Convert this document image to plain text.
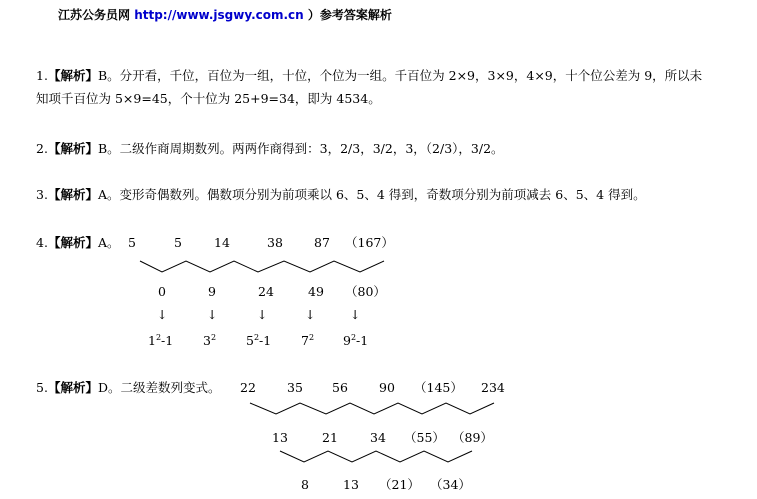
江苏公务员网 http://www.jsgwy.com.cn ）参考答案解析
1.【解析】B。分开看，千位，百位为一组，十位，个位为一组。千百位为 2×9，3×9，4×9，十个位公差为 9，所以未
知项千百位为 5×9=45，个十位为 25+9=34，即为 4534。
2.【解析】B。二级作商周期数列。两两作商得到：3，2/3，3/2，3，（2/3），3/2。
3.【解析】A。变形奇偶数列。偶数项分别为前项乘以 6、5、4 得到，奇数项分别为前项减去 6、5、4 得到。
4.【解析】A。 5	5	14	38 87 （167）
0	9	24	49 （80）
↓	↓	↓	↓	↓
$1^2-1$ $3^2$ $5^2-1$ $7^2$ $9^2-1$
5.【解析】D。二级差数列变式。 22 35 56 90 （145） 234
13	21	34 （55） （89）
8	13 （21） （34）
